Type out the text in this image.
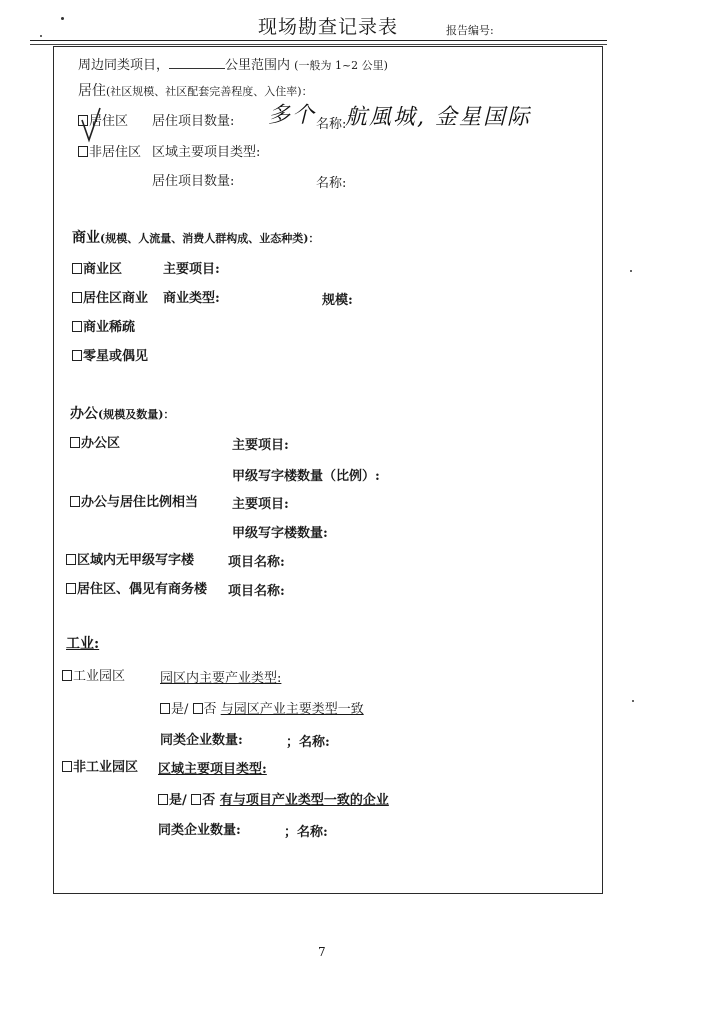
现场勘查记录表	报告编号:
周边同类项目，	公里范围内 (一般为 1~2 公里)
居住(社区规模、社区配套完善程度、入住率)：
居住区 居住项目数量: 多个 名称:
航風城, 金星国际
非居住区 区域主要项目类型:
居住项目数量:	名称:
商业(规模、人流量、消费人群构成、业态种类)：
商业区	主要项目:
居住区商业 商业类型:	规模:
商业稀疏
零星或偶见
办公(规模及数量)：
办公区	主要项目:
甲级写字楼数量（比例）:
办公与居住比例相当	主要项目:
甲级写字楼数量:
区域内无甲级写字楼	项目名称:
居住区、偶见有商务楼 项目名称:
工业:
工业园区	园区内主要产业类型:
是/ 否 与园区产业主要类型一致
同类企业数量:	；名称:
非工业园区 区域主要项目类型:
是/ 否 有与项目产业类型一致的企业
同类企业数量:	；名称:
7
